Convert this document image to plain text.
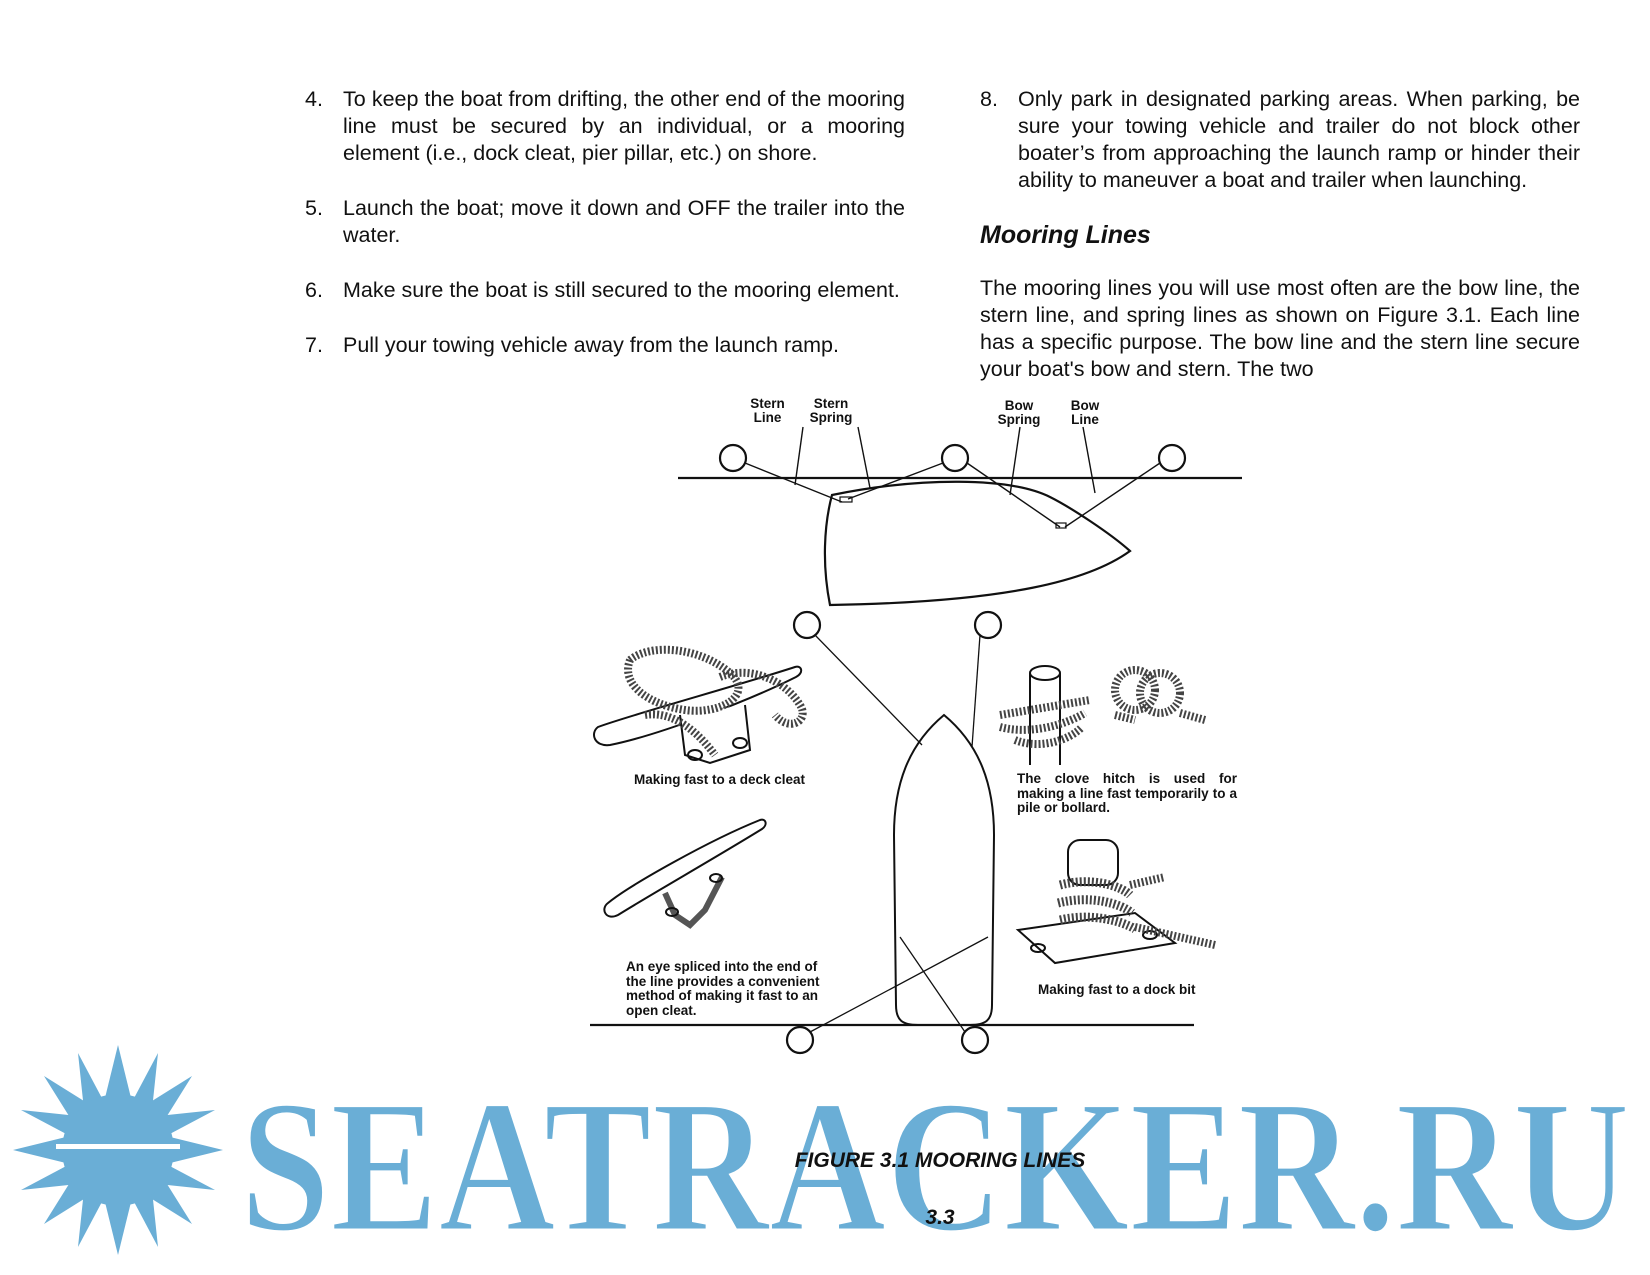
4. To keep the boat from drifting, the other end of the mooring line must be secured by an individual, or a mooring element (i.e., dock cleat, pier pillar, etc.) on shore.
5. Launch the boat; move it down and OFF the trailer into the water.
6. Make sure the boat is still secured to the mooring element.
7. Pull your towing vehicle away from the launch ramp.
8. Only park in designated parking areas. When parking, be sure your towing vehicle and trailer do not block other boater’s from approaching the launch ramp or hinder their ability to maneuver a boat and trailer when launching.
Mooring Lines
The mooring lines you will use most often are the bow line, the stern line, and spring lines as shown on Figure 3.1. Each line has a specific purpose. The bow line and the stern line secure your boat's bow and stern. The two
Stern
Line
Stern
Spring
Bow
Spring
Bow
Line
Making fast to a deck cleat	The clove hitch is used for making a line fast temporarily to a pile or bollard.
An eye spliced into the end of the line provides a convenient method of making it fast to an open cleat.
Making fast to a dock bit
SEATRACKER.RU
FIGURE 3.1 MOORING LINES
3.3
